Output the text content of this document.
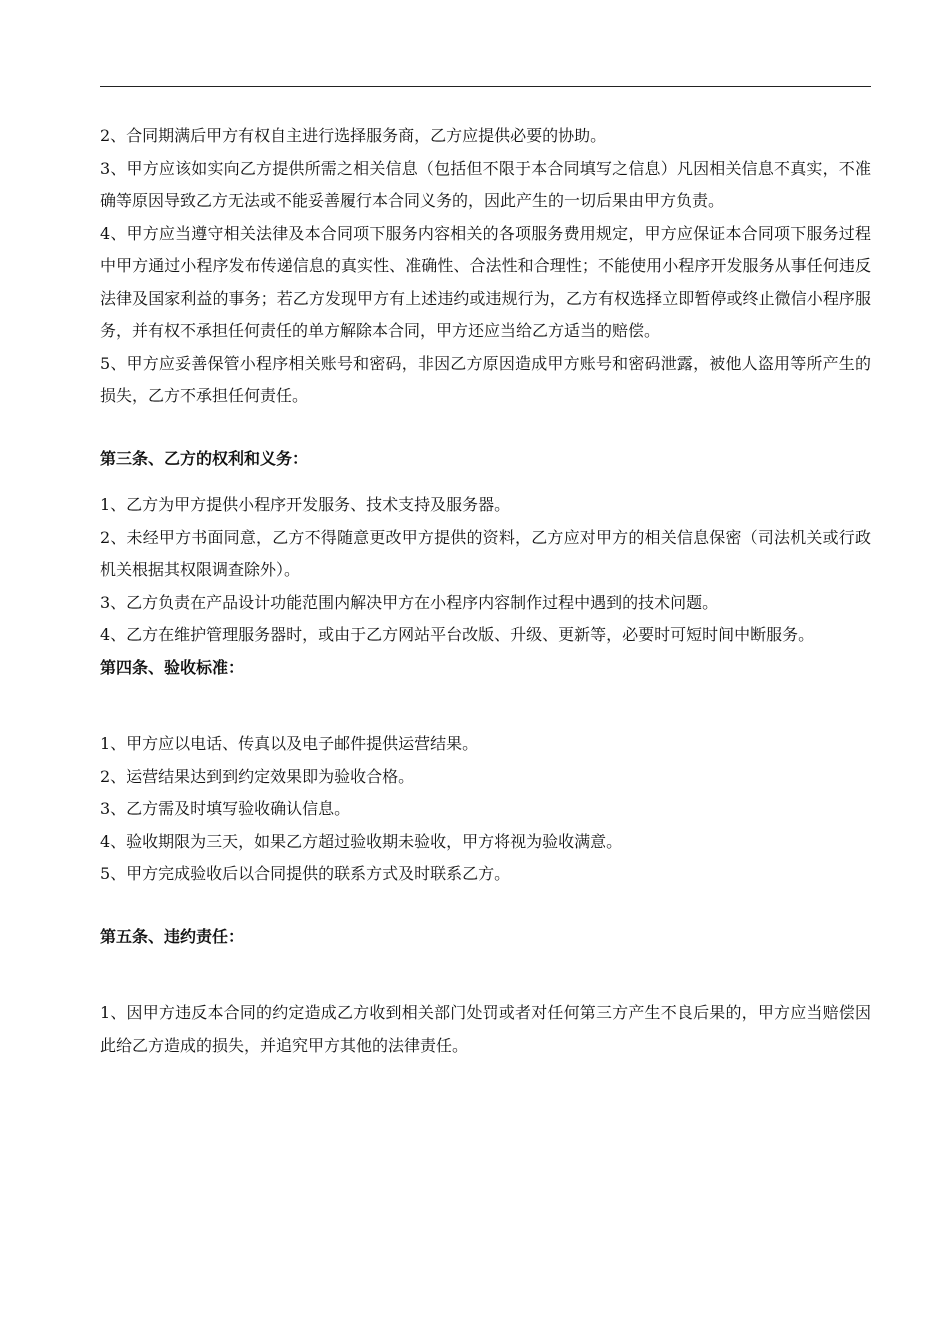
2、合同期满后甲方有权自主进行选择服务商，乙方应提供必要的协助。

3、甲方应该如实向乙方提供所需之相关信息（包括但不限于本合同填写之信息）凡因相关信息不真实，不准确等原因导致乙方无法或不能妥善履行本合同义务的，因此产生的一切后果由甲方负责。

4、甲方应当遵守相关法律及本合同项下服务内容相关的各项服务费用规定，甲方应保证本合同项下服务过程中甲方通过小程序发布传递信息的真实性、准确性、合法性和合理性；不能使用小程序开发服务从事任何违反法律及国家利益的事务；若乙方发现甲方有上述违约或违规行为，乙方有权选择立即暂停或终止微信小程序服务，并有权不承担任何责任的单方解除本合同，甲方还应当给乙方适当的赔偿。

5、甲方应妥善保管小程序相关账号和密码，非因乙方原因造成甲方账号和密码泄露，被他人盗用等所产生的损失，乙方不承担任何责任。

第三条、乙方的权利和义务：

1、乙方为甲方提供小程序开发服务、技术支持及服务器。

2、未经甲方书面同意，乙方不得随意更改甲方提供的资料，乙方应对甲方的相关信息保密（司法机关或行政机关根据其权限调查除外）。

3、乙方负责在产品设计功能范围内解决甲方在小程序内容制作过程中遇到的技术问题。

4、乙方在维护管理服务器时，或由于乙方网站平台改版、升级、更新等，必要时可短时间中断服务。

第四条、验收标准：

1、甲方应以电话、传真以及电子邮件提供运营结果。

2、运营结果达到到约定效果即为验收合格。

3、乙方需及时填写验收确认信息。

4、验收期限为三天，如果乙方超过验收期未验收，甲方将视为验收满意。

5、甲方完成验收后以合同提供的联系方式及时联系乙方。

第五条、违约责任：

1、因甲方违反本合同的约定造成乙方收到相关部门处罚或者对任何第三方产生不良后果的，甲方应当赔偿因此给乙方造成的损失，并追究甲方其他的法律责任。
